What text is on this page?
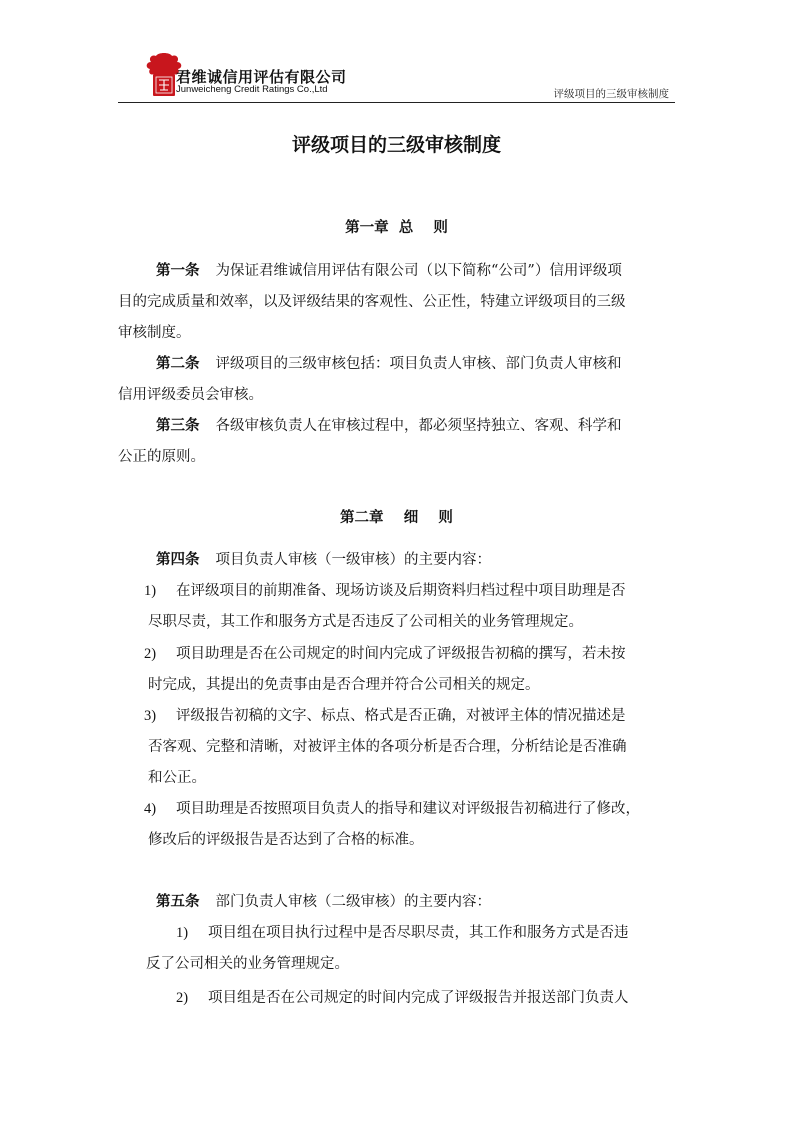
君维诚信用评估有限公司
Junweicheng Credit Ratings Co.,Ltd	评级项目的三级审核制度
评级项目的三级审核制度
第一章  总    则
第一条 为保证君维诚信用评估有限公司（以下简称“公司”）信用评级项
目的完成质量和效率，以及评级结果的客观性、公正性，特建立评级项目的三级
审核制度。
第二条 评级项目的三级审核包括：项目负责人审核、部门负责人审核和
信用评级委员会审核。
第三条 各级审核负责人在审核过程中，都必须坚持独立、客观、科学和
公正的原则。
第二章    细    则
第四条 项目负责人审核（一级审核）的主要内容：
1) 在评级项目的前期准备、现场访谈及后期资料归档过程中项目助理是否
尽职尽责，其工作和服务方式是否违反了公司相关的业务管理规定。
2) 项目助理是否在公司规定的时间内完成了评级报告初稿的撰写，若未按
时完成，其提出的免责事由是否合理并符合公司相关的规定。
3) 评级报告初稿的文字、标点、格式是否正确，对被评主体的情况描述是
否客观、完整和清晰，对被评主体的各项分析是否合理，分析结论是否准确
和公正。
4) 项目助理是否按照项目负责人的指导和建议对评级报告初稿进行了修改，
修改后的评级报告是否达到了合格的标准。
第五条 部门负责人审核（二级审核）的主要内容：
1) 项目组在项目执行过程中是否尽职尽责，其工作和服务方式是否违
反了公司相关的业务管理规定。
2) 项目组是否在公司规定的时间内完成了评级报告并报送部门负责人
